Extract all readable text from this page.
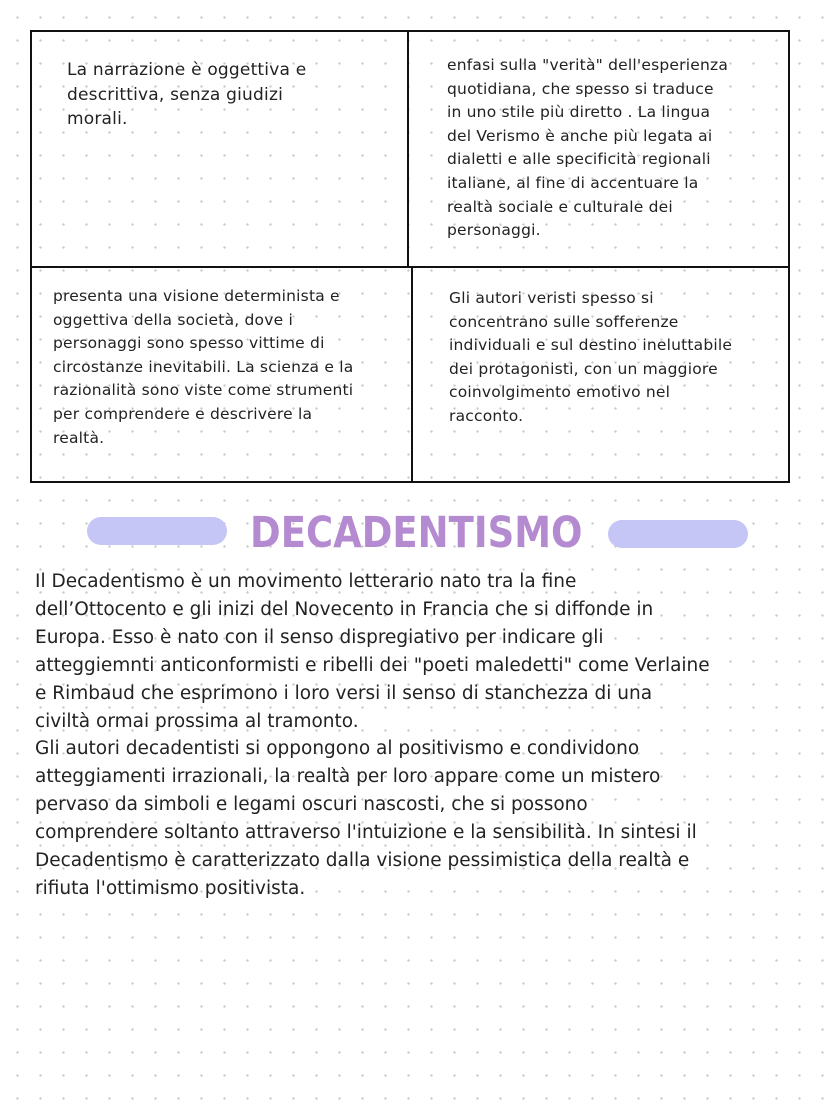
La narrazione è oggettiva e
descrittiva, senza giudizi
morali.
enfasi sulla "verità" dell'esperienza
quotidiana, che spesso si traduce
in uno stile più diretto . La lingua
del Verismo è anche più legata ai
dialetti e alle specificità regionali
italiane, al fine di accentuare la
realtà sociale e culturale dei
personaggi.
presenta una visione determinista e
oggettiva della società, dove i
personaggi sono spesso vittime di
circostanze inevitabili. La scienza e la
razionalità sono viste come strumenti
per comprendere e descrivere la
realtà.
Gli autori veristi spesso si
concentrano sulle sofferenze
individuali e sul destino ineluttabile
dei protagonisti, con un maggiore
coinvolgimento emotivo nel
racconto.
DECADENTISMO
Il Decadentismo è un movimento letterario nato tra la fine
dell’Ottocento e gli inizi del Novecento in Francia che si diffonde in
Europa. Esso è nato con il senso dispregiativo per indicare gli
atteggiemnti anticonformisti e ribelli dei "poeti maledetti" come Verlaine
e Rimbaud che esprimono i loro versi il senso di stanchezza di una
civiltà ormai prossima al tramonto.
Gli autori decadentisti si oppongono al positivismo e condividono
atteggiamenti irrazionali, la realtà per loro appare come un mistero
pervaso da simboli e legami oscuri nascosti, che si possono
comprendere soltanto attraverso l'intuizione e la sensibilità. In sintesi il
Decadentismo è caratterizzato dalla visione pessimistica della realtà e
rifiuta l'ottimismo positivista.
